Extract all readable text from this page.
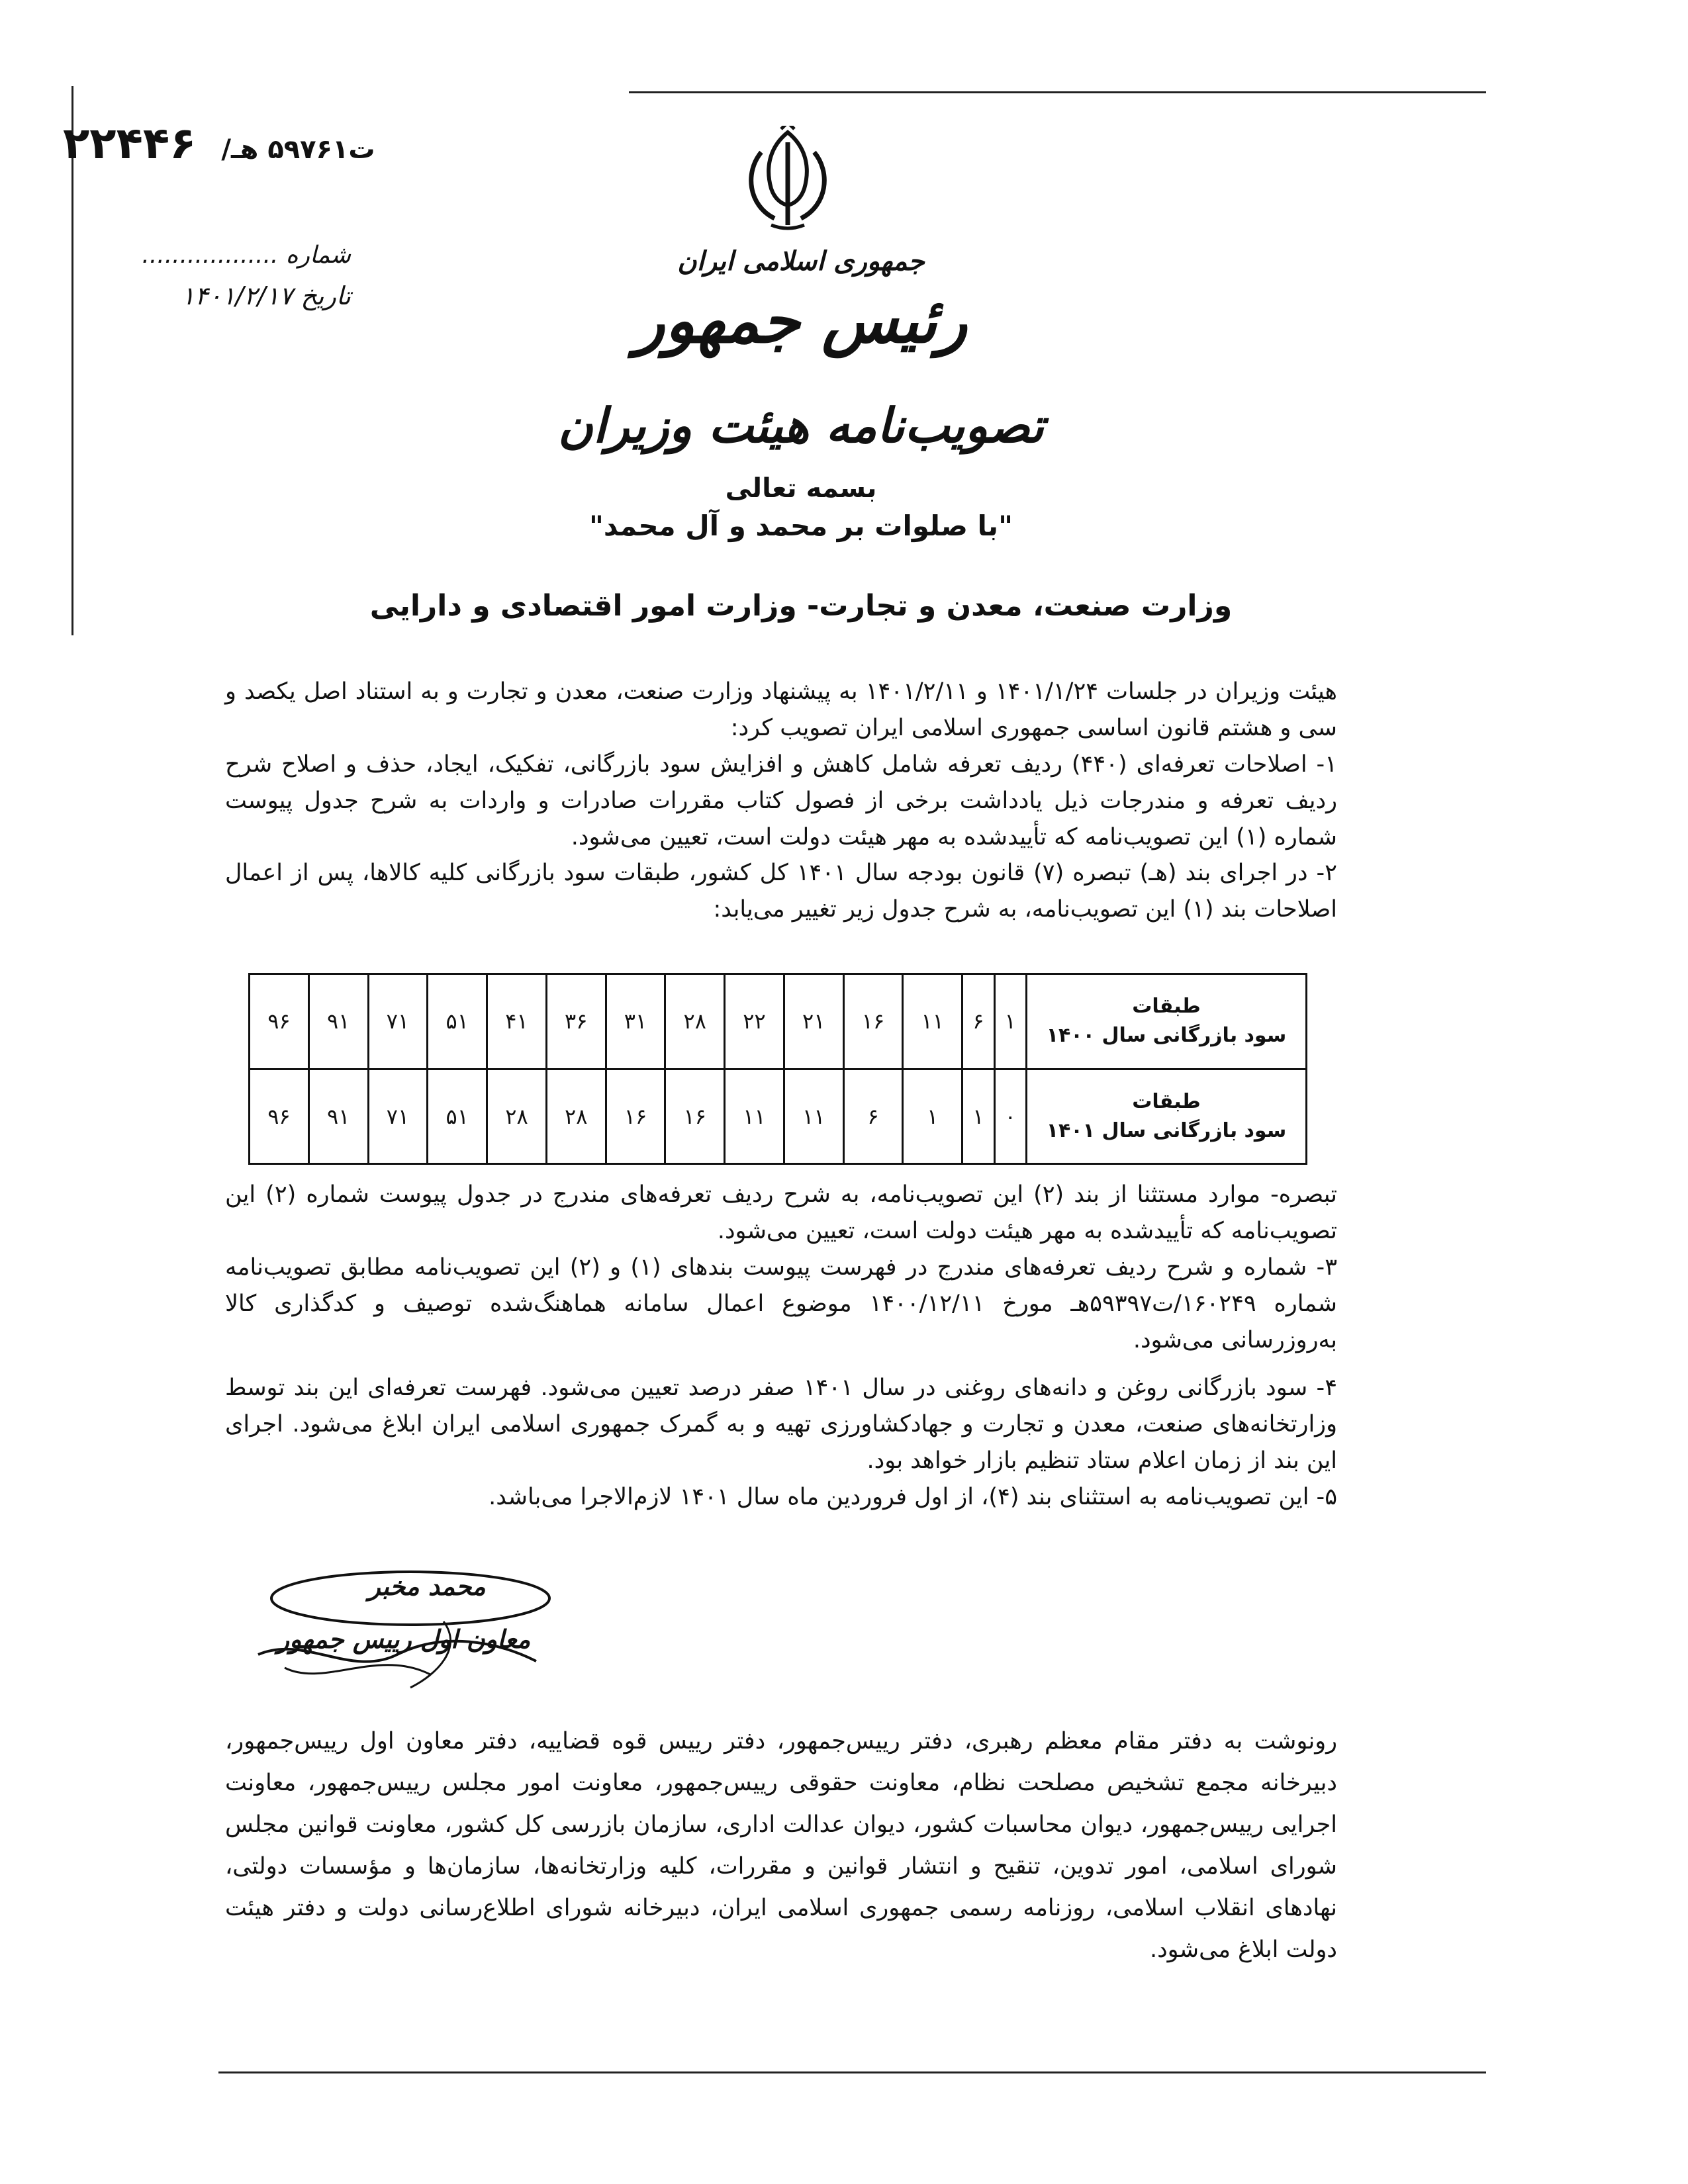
۲۲۴۴۶ /ت۵۹۷۶۱ هـ
شماره ..................
تاریخ ۱۴۰۱/۲/۱۷
جمهوری اسلامی ایران
رئیس جمهور
تصویب‌نامه هیئت وزیران
بسمه تعالی
"با صلوات بر محمد و آل محمد"
وزارت صنعت، معدن و تجارت- وزارت امور اقتصادی و دارایی
هیئت وزیران در جلسات ۱۴۰۱/۱/۲۴ و ۱۴۰۱/۲/۱۱ به پیشنهاد وزارت صنعت، معدن و تجارت و به استناد اصل یکصد و سی و هشتم قانون اساسی جمهوری اسلامی ایران تصویب کرد:
۱- اصلاحات تعرفه‌ای (۴۴۰) ردیف تعرفه شامل کاهش و افزایش سود بازرگانی، تفکیک، ایجاد، حذف و اصلاح شرح ردیف تعرفه و مندرجات ذیل یادداشت برخی از فصول کتاب مقررات صادرات و واردات به شرح جدول پیوست شماره (۱) این تصویب‌نامه که تأییدشده به مهر هیئت دولت است، تعیین می‌شود.
۲- در اجرای بند (هـ) تبصره (۷) قانون بودجه سال ۱۴۰۱ کل کشور، طبقات سود بازرگانی کلیه کالاها، پس از اعمال اصلاحات بند (۱) این تصویب‌نامه، به شرح جدول زیر تغییر می‌یابد:
طبقات
سود بازرگانی سال ۱۴۰۰	۱	۶	۱۱	۱۶	۲۱	۲۲	۲۸	۳۱	۳۶	۴۱	۵۱	۷۱	۹۱	۹۶

طبقات
سود بازرگانی سال ۱۴۰۱	۰	۱	۱	۶	۱۱	۱۱	۱۶	۱۶	۲۸	۲۸	۵۱	۷۱	۹۱	۹۶
تبصره- موارد مستثنا از بند (۲) این تصویب‌نامه، به شرح ردیف تعرفه‌های مندرج در جدول پیوست شماره (۲) این تصویب‌نامه که تأییدشده به مهر هیئت دولت است، تعیین می‌شود.
۳- شماره و شرح ردیف تعرفه‌های مندرج در فهرست پیوست بندهای (۱) و (۲) این تصویب‌نامه مطابق تصویب‌نامه شماره ۱۶۰۲۴۹/ت۵۹۳۹۷هـ مورخ ۱۴۰۰/۱۲/۱۱ موضوع اعمال سامانه هماهنگ‌شده توصیف و کدگذاری کالا به‌روزرسانی می‌شود.
۴- سود بازرگانی روغن و دانه‌های روغنی در سال ۱۴۰۱ صفر درصد تعیین می‌شود. فهرست تعرفه‌ای این بند توسط وزارتخانه‌های صنعت، معدن و تجارت و جهادکشاورزی تهیه و به گمرک جمهوری اسلامی ایران ابلاغ می‌شود. اجرای این بند از زمان اعلام ستاد تنظیم بازار خواهد بود.
۵- این تصویب‌نامه به استثنای بند (۴)، از اول فروردین ماه سال ۱۴۰۱ لازم‌الاجرا می‌باشد.
محمد مخبر
معاون اول رییس جمهور
رونوشت به دفتر مقام معظم رهبری، دفتر رییس‌جمهور، دفتر رییس قوه قضاییه، دفتر معاون اول رییس‌جمهور، دبیرخانه مجمع تشخیص مصلحت نظام، معاونت حقوقی رییس‌جمهور، معاونت امور مجلس رییس‌جمهور، معاونت اجرایی رییس‌جمهور، دیوان محاسبات کشور، دیوان عدالت اداری، سازمان بازرسی کل کشور، معاونت قوانین مجلس شورای اسلامی، امور تدوین، تنقیح و انتشار قوانین و مقررات، کلیه وزارتخانه‌ها، سازمان‌ها و مؤسسات دولتی، نهادهای انقلاب اسلامی، روزنامه رسمی جمهوری اسلامی ایران، دبیرخانه شورای اطلاع‌رسانی دولت و دفتر هیئت دولت ابلاغ می‌شود.
